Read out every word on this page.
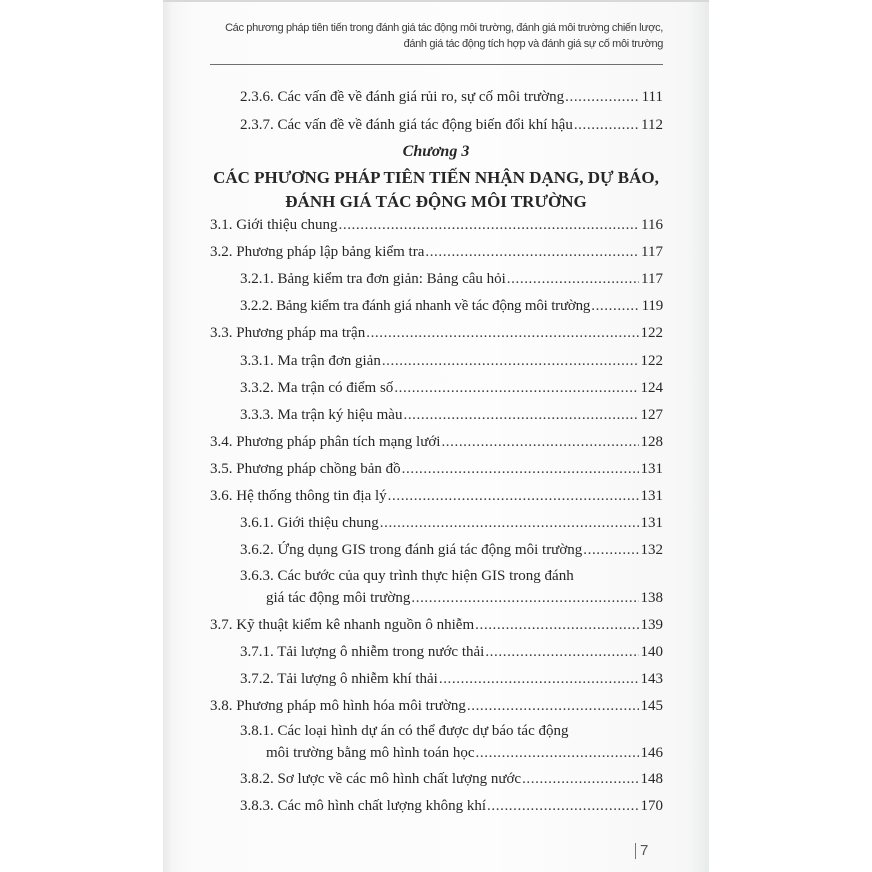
Các phương pháp tiên tiến trong đánh giá tác động môi trường, đánh giá môi trường chiến lược,
đánh giá tác động tích hợp và đánh giá sự cố môi trường
2.3.6. Các vấn đề về đánh giá rủi ro, sự cố môi trường .....	111
2.3.7. Các vấn đề về đánh giá tác động biến đổi khí hậu .....	112
Chương 3
CÁC PHƯƠNG PHÁP TIÊN TIẾN NHẬN DẠNG, DỰ BÁO,
ĐÁNH GIÁ TÁC ĐỘNG MÔI TRƯỜNG
3.1. Giới thiệu chung .....	116
3.2. Phương pháp lập bảng kiểm tra .....	117
3.2.1. Bảng kiểm tra đơn giản: Bảng câu hỏi .....	117
3.2.2. Bảng kiểm tra đánh giá nhanh về tác động môi trường .....	119
3.3. Phương pháp ma trận .....	122
3.3.1. Ma trận đơn giản .....	122
3.3.2. Ma trận có điểm số .....	124
3.3.3. Ma trận ký hiệu màu .....	127
3.4. Phương pháp phân tích mạng lưới .....	128
3.5. Phương pháp chồng bản đồ .....	131
3.6. Hệ thống thông tin địa lý .....	131
3.6.1. Giới thiệu chung .....	131
3.6.2. Ứng dụng GIS trong đánh giá tác động môi trường .....	132
3.6.3. Các bước của quy trình thực hiện GIS trong đánh
giá tác động môi trường .....	138
3.7. Kỹ thuật kiểm kê nhanh nguồn ô nhiễm .....	139
3.7.1. Tải lượng ô nhiễm trong nước thải .....	140
3.7.2. Tải lượng ô nhiễm khí thải .....	143
3.8. Phương pháp mô hình hóa môi trường .....	145
3.8.1. Các loại hình dự án có thể được dự báo tác động
môi trường bằng mô hình toán học .....	146
3.8.2. Sơ lược về các mô hình chất lượng nước .....	148
3.8.3. Các mô hình chất lượng không khí .....	170
7
